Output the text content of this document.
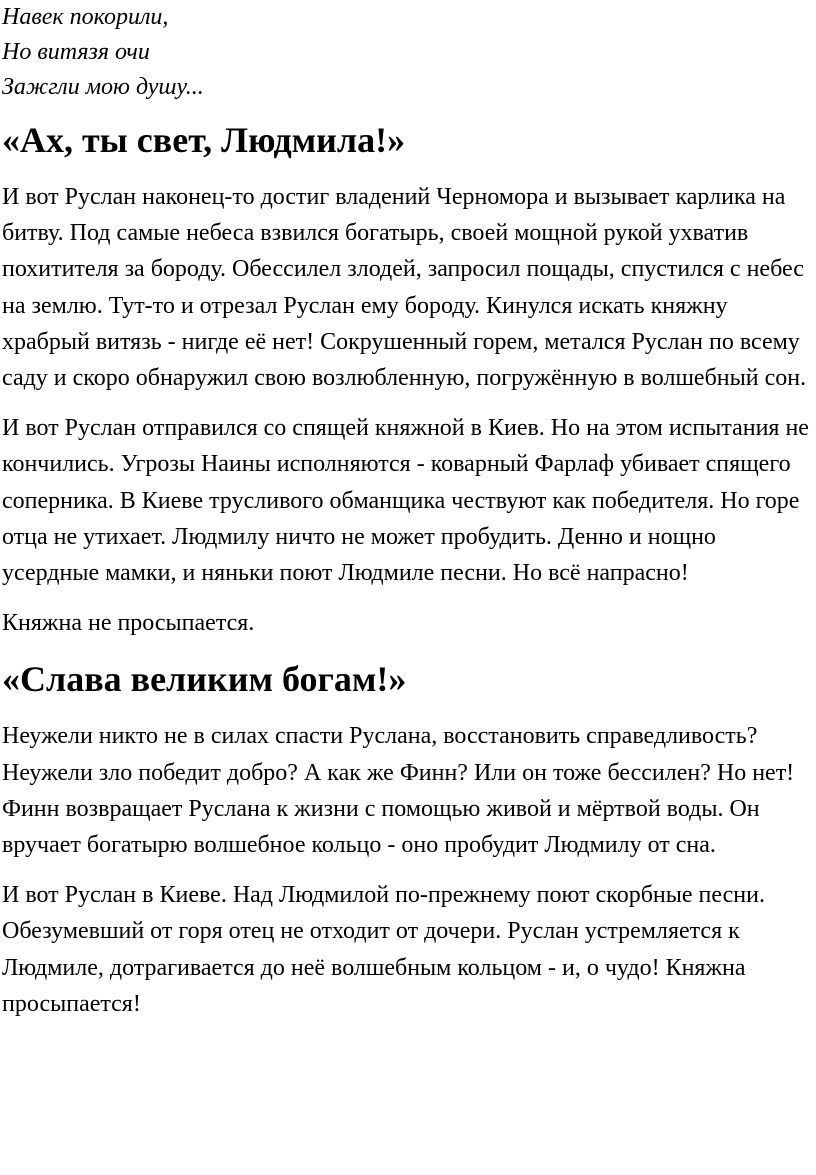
Навек покорили,

Но витязя очи

Зажгли мою душу...

«Ах, ты свет, Людмила!»

И вот Руслан наконец-то достиг владений Черномора и вызывает карлика на битву. Под самые небеса взвился богатырь, своей мощной рукой ухватив похитителя за бороду. Обессилел злодей, запросил пощады, спустился с небес на землю. Тут-то и отрезал Руслан ему бороду. Кинулся искать княжну храбрый витязь - нигде её нет! Сокрушенный горем, метался Руслан по всему саду и скоро обнаружил свою возлюбленную, погружённую в волшебный сон.

И вот Руслан отправился со спящей княжной в Киев. Но на этом испытания не кончились. Угрозы Наины исполняются - коварный Фарлаф убивает спящего соперника. В Киеве трусливого обманщика чествуют как победителя. Но горе отца не утихает. Людмилу ничто не может пробудить. Денно и нощно усердные мамки, и няньки поют Людмиле песни. Но всё напрасно!

Княжна не просыпается.

«Слава великим богам!»

Неужели никто не в силах спасти Руслана, восстановить справедливость? Неужели зло победит добро? А как же Финн? Или он тоже бессилен? Но нет! Финн возвращает Руслана к жизни с помощью живой и мёртвой воды. Он вручает богатырю волшебное кольцо - оно пробудит Людмилу от сна.

И вот Руслан в Киеве. Над Людмилой по-прежнему поют скорбные песни. Обезумевший от горя отец не отходит от дочери. Руслан устремляется к Людмиле, дотрагивается до неё волшебным кольцом - и, о чудо! Княжна просыпается!
